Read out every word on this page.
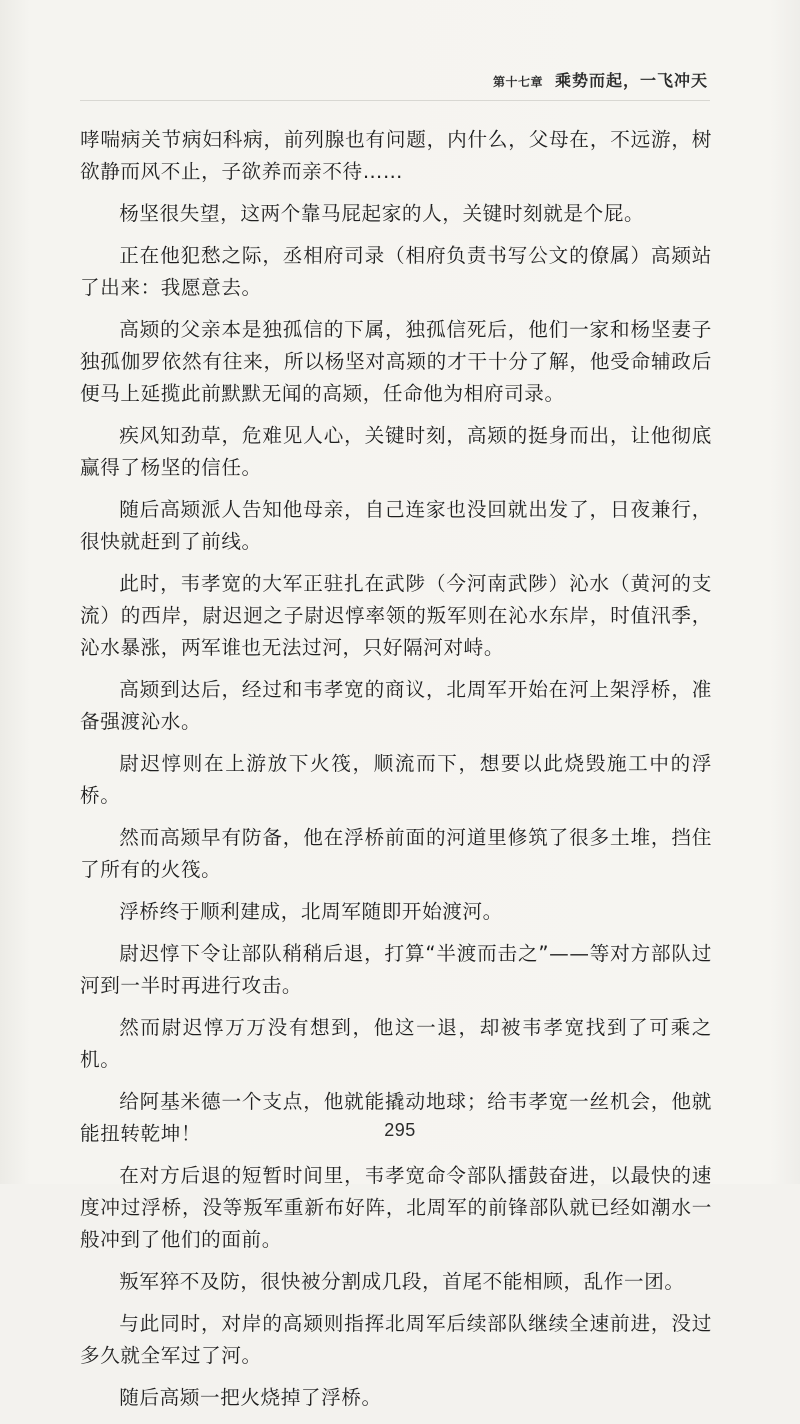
第十七章 乘势而起，一飞冲天

哮喘病关节病妇科病，前列腺也有问题，内什么，父母在，不远游，树欲静而风不止，子欲养而亲不待……

杨坚很失望，这两个靠马屁起家的人，关键时刻就是个屁。

正在他犯愁之际，丞相府司录（相府负责书写公文的僚属）高颎站了出来：我愿意去。

高颎的父亲本是独孤信的下属，独孤信死后，他们一家和杨坚妻子独孤伽罗依然有往来，所以杨坚对高颎的才干十分了解，他受命辅政后便马上延揽此前默默无闻的高颎，任命他为相府司录。

疾风知劲草，危难见人心，关键时刻，高颎的挺身而出，让他彻底赢得了杨坚的信任。

随后高颎派人告知他母亲，自己连家也没回就出发了，日夜兼行，很快就赶到了前线。

此时，韦孝宽的大军正驻扎在武陟（今河南武陟）沁水（黄河的支流）的西岸，尉迟迥之子尉迟惇率领的叛军则在沁水东岸，时值汛季，沁水暴涨，两军谁也无法过河，只好隔河对峙。

高颎到达后，经过和韦孝宽的商议，北周军开始在河上架浮桥，准备强渡沁水。

尉迟惇则在上游放下火筏，顺流而下，想要以此烧毁施工中的浮桥。

然而高颎早有防备，他在浮桥前面的河道里修筑了很多土堆，挡住了所有的火筏。

浮桥终于顺利建成，北周军随即开始渡河。

尉迟惇下令让部队稍稍后退，打算“半渡而击之”——等对方部队过河到一半时再进行攻击。

然而尉迟惇万万没有想到，他这一退，却被韦孝宽找到了可乘之机。

给阿基米德一个支点，他就能撬动地球；给韦孝宽一丝机会，他就能扭转乾坤！

在对方后退的短暂时间里，韦孝宽命令部队擂鼓奋进，以最快的速度冲过浮桥，没等叛军重新布好阵，北周军的前锋部队就已经如潮水一般冲到了他们的面前。

叛军猝不及防，很快被分割成几段，首尾不能相顾，乱作一团。

与此同时，对岸的高颎则指挥北周军后续部队继续全速前进，没过多久就全军过了河。

随后高颎一把火烧掉了浮桥。

295
